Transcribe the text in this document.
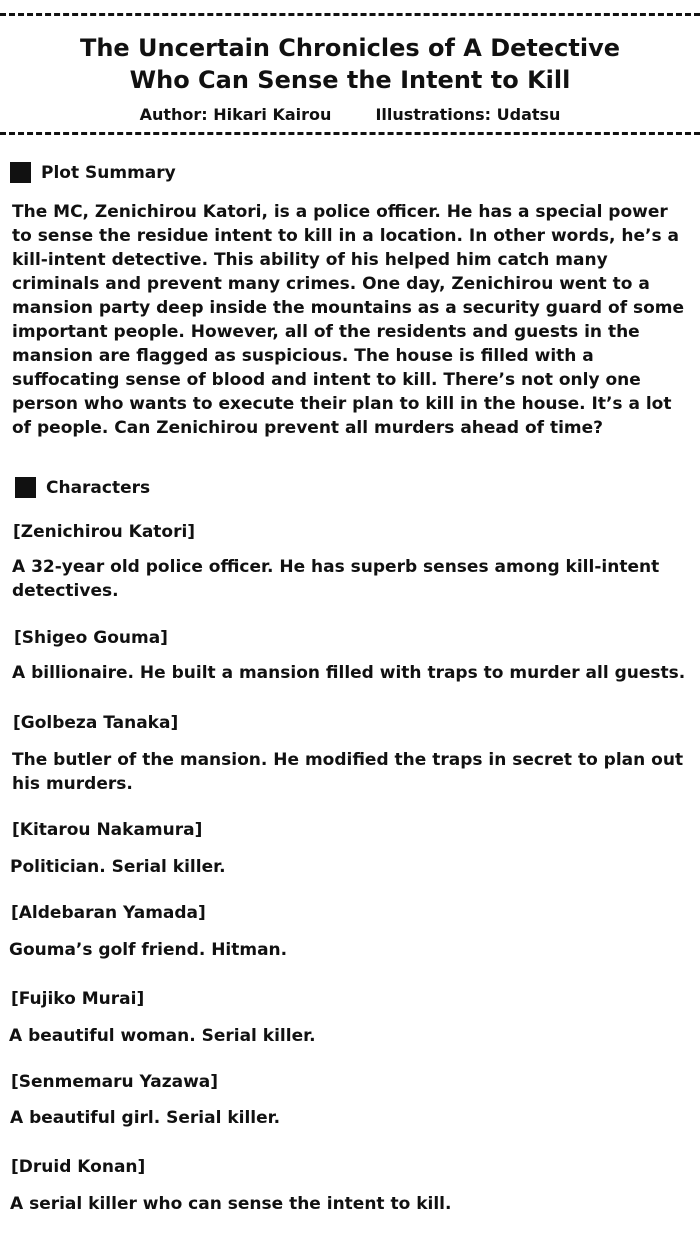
The Uncertain Chronicles of A Detective
Who Can Sense the Intent to Kill
Author: Hikari Kairou	Illustrations: Udatsu
Plot Summary

The MC, Zenichirou Katori, is a police officer. He has a special power to sense the residue intent to kill in a location. In other words, he’s a kill-intent detective. This ability of his helped him catch many criminals and prevent many crimes. One day, Zenichirou went to a mansion party deep inside the mountains as a security guard of some important people. However, all of the residents and guests in the mansion are flagged as suspicious. The house is filled with a suffocating sense of blood and intent to kill. There’s not only one person who wants to execute their plan to kill in the house. It’s a lot of people. Can Zenichirou prevent all murders ahead of time?

Characters
[Zenichirou Katori]

A 32-year old police officer. He has superb senses among kill-intent detectives.

[Shigeo Gouma]

A billionaire. He built a mansion filled with traps to murder all guests.

[Golbeza Tanaka]

The butler of the mansion. He modified the traps in secret to plan out his murders.

[Kitarou Nakamura]

Politician. Serial killer.

[Aldebaran Yamada]

Gouma’s golf friend. Hitman.

[Fujiko Murai]

A beautiful woman. Serial killer.

[Senmemaru Yazawa]

A beautiful girl. Serial killer.

[Druid Konan]

A serial killer who can sense the intent to kill.
